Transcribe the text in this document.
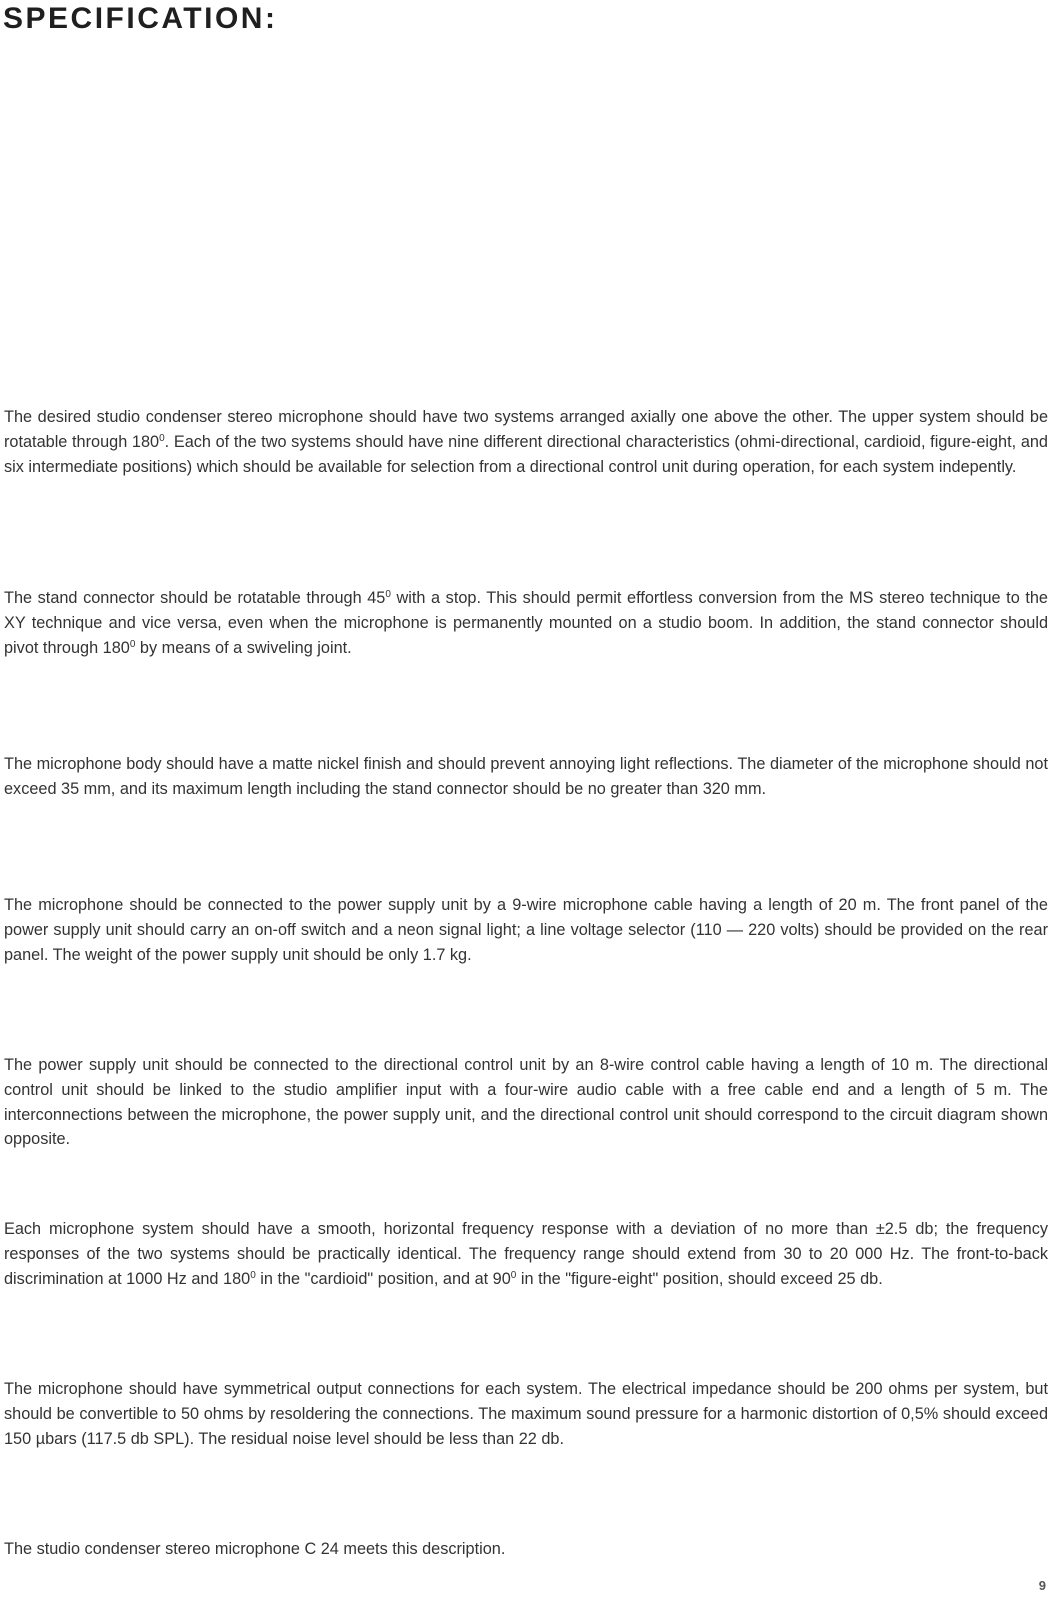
SPECIFICATION:

The desired studio condenser stereo microphone should have two systems arranged axially one above the other. The upper system should be rotatable through $180^0$. Each of the two systems should have nine different directional characteristics (ohmi-directional, cardioid, figure-eight, and six intermediate positions) which should be available for selection from a directional control unit during operation, for each system indepently.

The stand connector should be rotatable through $45^0$ with a stop. This should permit effortless conversion from the MS stereo technique to the XY technique and vice versa, even when the microphone is permanently mounted on a studio boom. In addition, the stand connector should pivot through $180^0$ by means of a swiveling joint.

The microphone body should have a matte nickel finish and should prevent annoying light reflections. The diameter of the microphone should not exceed 35 mm, and its maximum length including the stand connector should be no greater than 320 mm.

The microphone should be connected to the power supply unit by a 9-wire microphone cable having a length of 20 m. The front panel of the power supply unit should carry an on-off switch and a neon signal light; a line voltage selector (110 — 220 volts) should be provided on the rear panel. The weight of the power supply unit should be only 1.7 kg.

The power supply unit should be connected to the directional control unit by an 8-wire control cable having a length of 10 m. The directional control unit should be linked to the studio amplifier input with a four-wire audio cable with a free cable end and a length of 5 m. The interconnections between the microphone, the power supply unit, and the directional control unit should correspond to the circuit diagram shown opposite.

Each microphone system should have a smooth, horizontal frequency response with a deviation of no more than ±2.5 db; the frequency responses of the two systems should be practically identical. The frequency range should extend from 30 to 20 000 Hz. The front-to-back discrimination at 1000 Hz and $180^0$ in the "cardioid" position, and at $90^0$ in the "figure-eight" position, should exceed 25 db.

The microphone should have symmetrical output connections for each system. The electrical impedance should be 200 ohms per system, but should be convertible to 50 ohms by resoldering the connections. The maximum sound pressure for a harmonic distortion of 0,5% should exceed 150 µbars (117.5 db SPL). The residual noise level should be less than 22 db.

The studio condenser stereo microphone C 24 meets this description.

9
